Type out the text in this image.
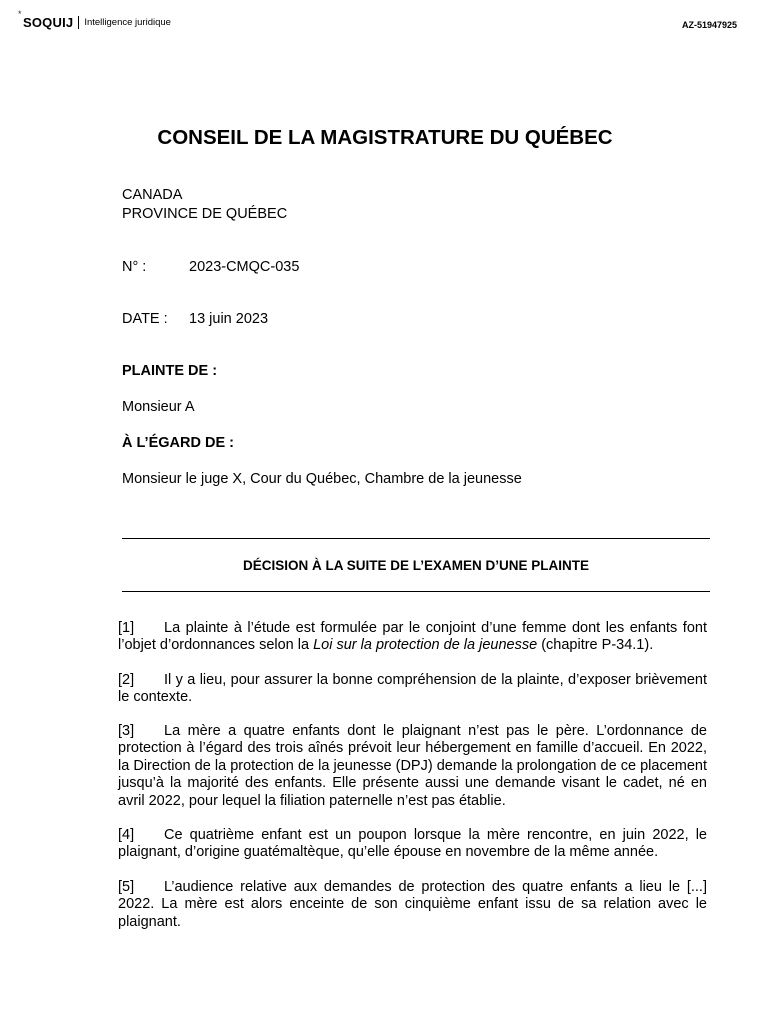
*
SOQUIJ Intelligence juridique	AZ-51947925
CONSEIL DE LA MAGISTRATURE DU QUÉBEC
CANADA
PROVINCE DE QUÉBEC
N° :	2023-CMQC-035
DATE : 13 juin 2023
PLAINTE DE :
Monsieur A
À L’ÉGARD DE :
Monsieur le juge X, Cour du Québec, Chambre de la jeunesse
DÉCISION À LA SUITE DE L’EXAMEN D’UNE PLAINTE

[1] La plainte à l’étude est formulée par le conjoint d’une femme dont les enfants font l’objet d’ordonnances selon la Loi sur la protection de la jeunesse (chapitre P-34.1).

[2] Il y a lieu, pour assurer la bonne compréhension de la plainte, d’exposer brièvement le contexte.

[3] La mère a quatre enfants dont le plaignant n’est pas le père. L’ordonnance de protection à l’égard des trois aînés prévoit leur hébergement en famille d’accueil. En 2022, la Direction de la protection de la jeunesse (DPJ) demande la prolongation de ce placement jusqu’à la majorité des enfants. Elle présente aussi une demande visant le cadet, né en avril 2022, pour lequel la filiation paternelle n’est pas établie.

[4] Ce quatrième enfant est un poupon lorsque la mère rencontre, en juin 2022, le plaignant, d’origine guatémaltèque, qu’elle épouse en novembre de la même année.

[5] L’audience relative aux demandes de protection des quatre enfants a lieu le [...] 2022. La mère est alors enceinte de son cinquième enfant issu de sa relation avec le plaignant.
